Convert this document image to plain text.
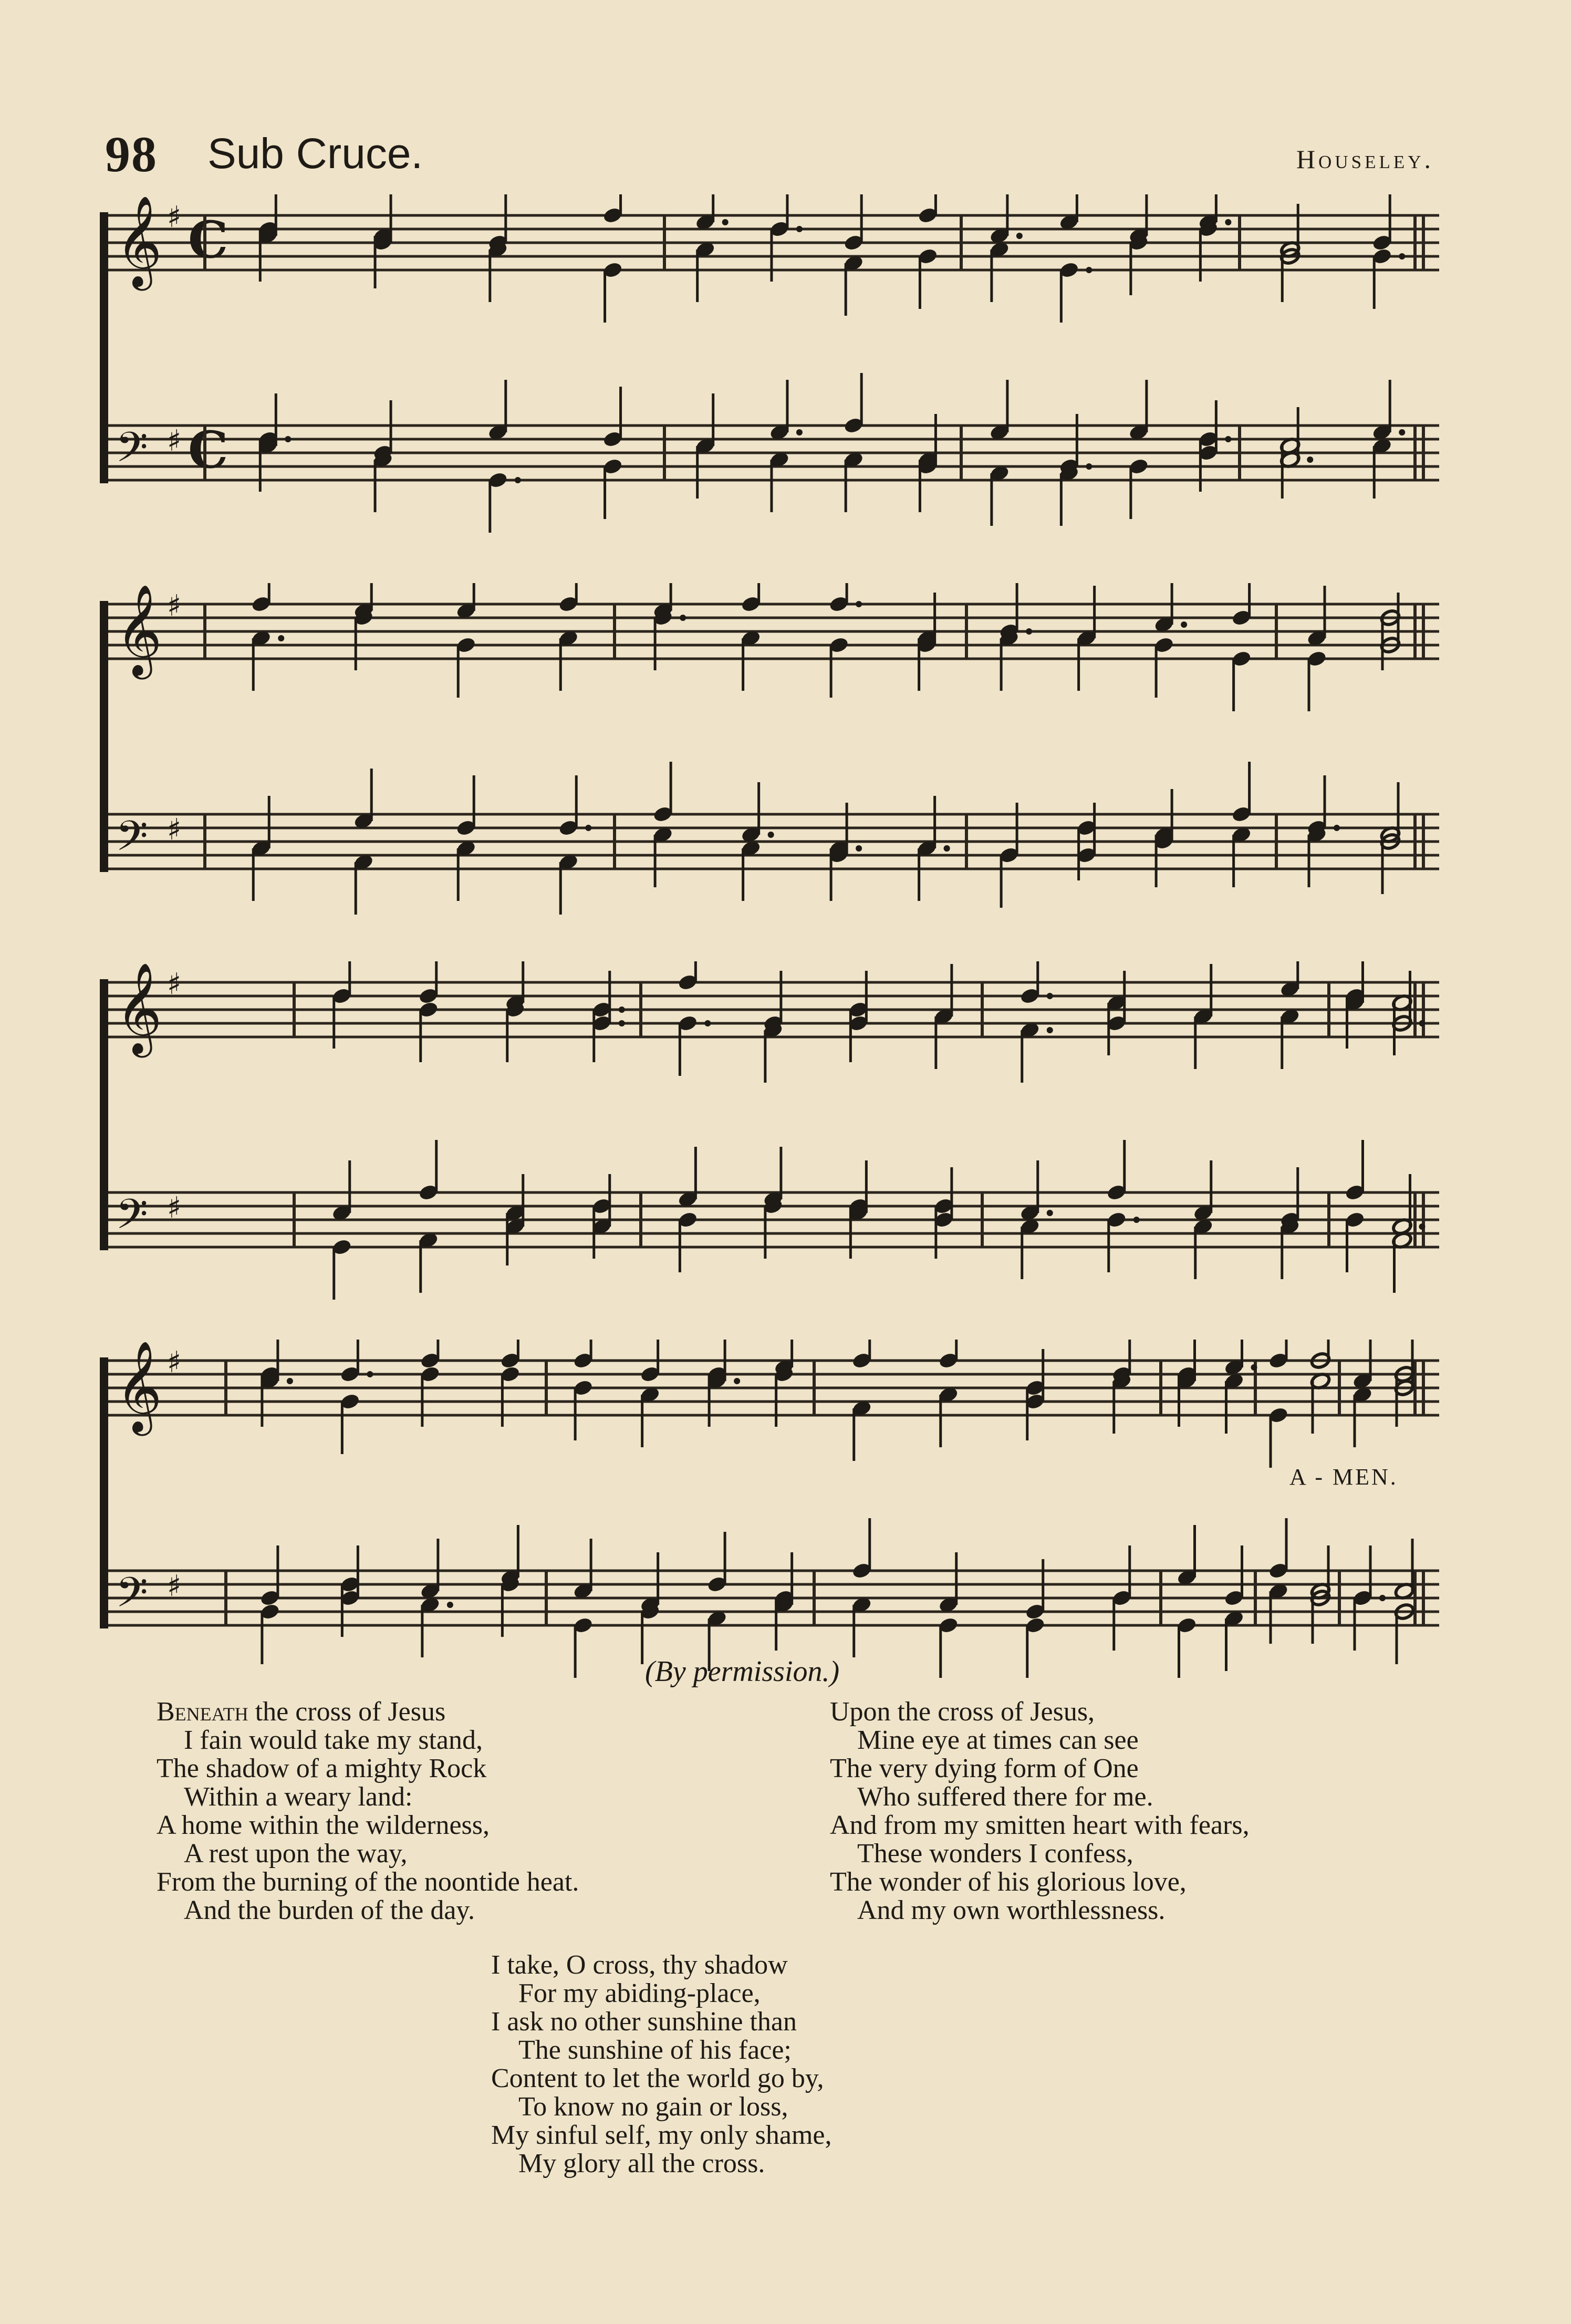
98 Sub Cruce.	Houseley.
𝄞 ♯ C
𝄢 ♯ C
𝄞 ♯
𝄢 ♯
𝄞 ♯
𝄢 ♯
𝄞 ♯
𝄢 ♯
A - MEN.
(By permission.)
Beneath the cross of Jesus
I fain would take my stand,
The shadow of a mighty Rock
Within a weary land:
A home within the wilderness,
A rest upon the way,
From the burning of the noontide heat.
And the burden of the day.
Upon the cross of Jesus,
Mine eye at times can see
The very dying form of One
Who suffered there for me.
And from my smitten heart with fears,
These wonders I confess,
The wonder of his glorious love,
And my own worthlessness.
I take, O cross, thy shadow
For my abiding-place,
I ask no other sunshine than
The sunshine of his face;
Content to let the world go by,
To know no gain or loss,
My sinful self, my only shame,
My glory all the cross.
